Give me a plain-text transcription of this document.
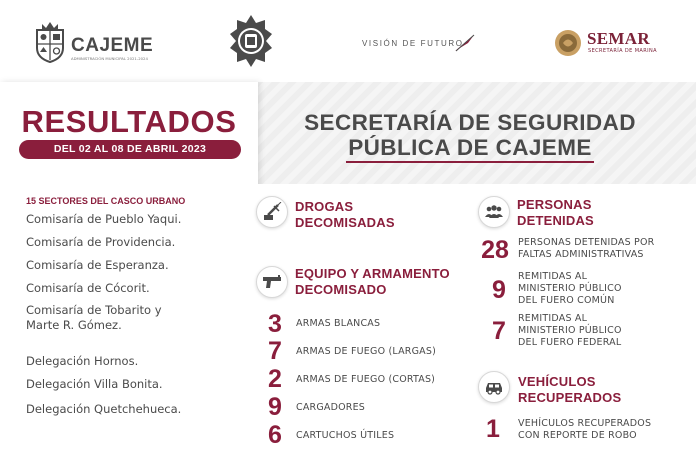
CAJEME
ADMINISTRACIÓN MUNICIPAL 2021-2024
VISIÓN DE FUTURO	SEMAR
SECRETARÍA DE MARINA
RESULTADOS
DEL 02 AL 08 DE ABRIL 2023
15 SECTORES DEL CASCO URBANO
Comisaría de Pueblo Yaqui.
Comisaría de Providencia.
Comisaría de Esperanza.
Comisaría de Cócorit.
Comisaría de Tobarito y
Marte R. Gómez.
Delegación Hornos.
Delegación Villa Bonita.
Delegación Quetchehueca.
SECRETARÍA DE SEGURIDAD
PÚBLICA DE CAJEME
DROGAS
DECOMISADAS
EQUIPO Y ARMAMENTO
DECOMISADO
3	ARMAS BLANCAS
7	ARMAS DE FUEGO (LARGAS)
2	ARMAS DE FUEGO (CORTAS)
9	CARGADORES
6	CARTUCHOS ÚTILES
PERSONAS
DETENIDAS
28 PERSONAS DETENIDAS POR
FALTAS ADMINISTRATIVAS
9	REMITIDAS AL
MINISTERIO PÚBLICO
DEL FUERO COMÚN
7	REMITIDAS AL
MINISTERIO PÚBLICO
DEL FUERO FEDERAL
VEHÍCULOS
RECUPERADOS
1	VEHÍCULOS RECUPERADOS
CON REPORTE DE ROBO
